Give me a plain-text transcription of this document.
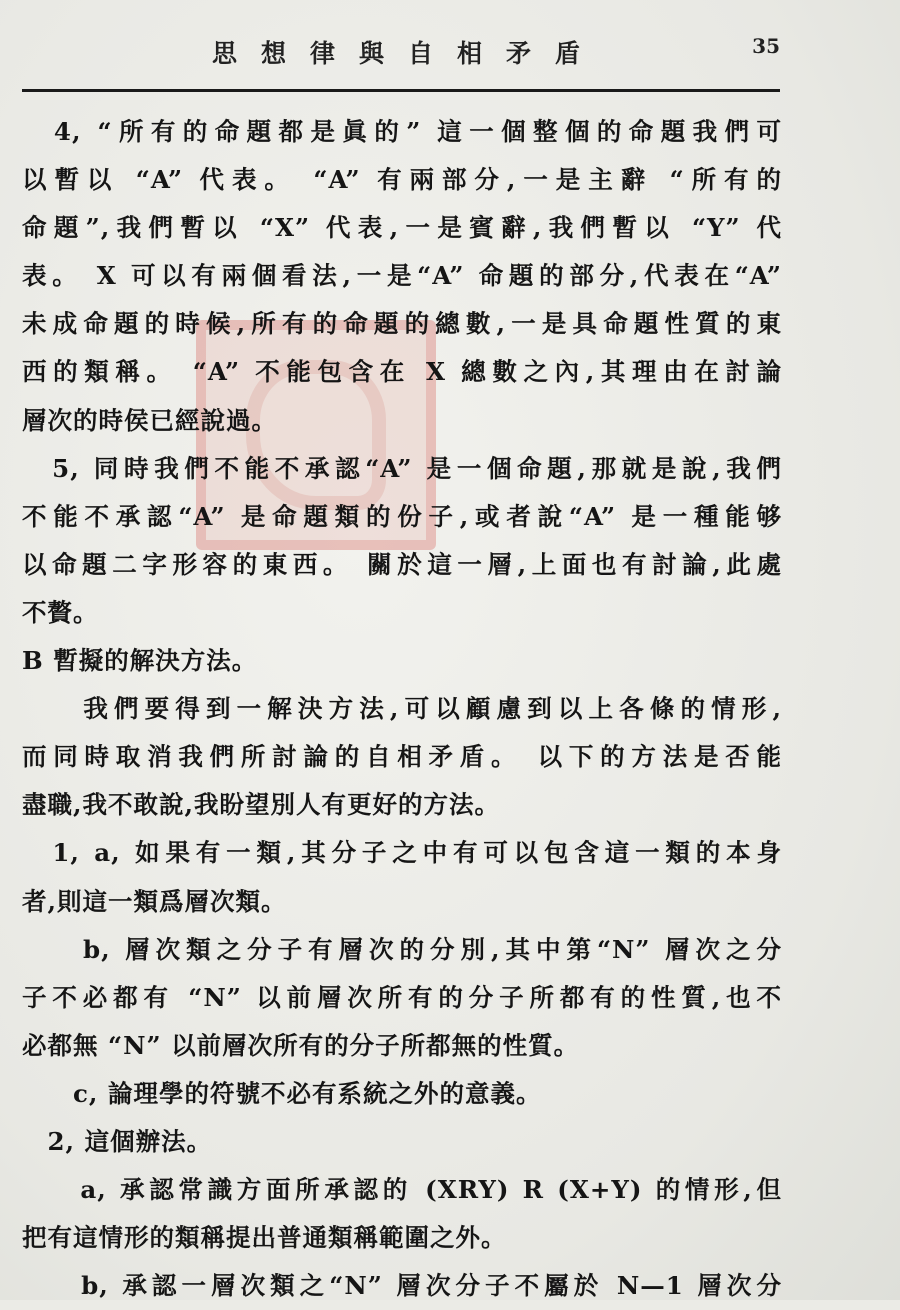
思想律與自相矛盾	35
　4, “所有的命題都是眞的” 這一個整個的命題我們可
以暫以 “A” 代表。 “A” 有兩部分,一是主辭 “所有的
命題”,我們暫以 “X” 代表,一是賓辭,我們暫以 “Y” 代
表。 X 可以有兩個看法,一是“A” 命題的部分,代表在“A”
未成命題的時候,所有的命題的總數,一是具命題性質的東
西的類稱。 “A” 不能包含在 X 總數之內,其理由在討論
層次的時侯已經說過。
　5, 同時我們不能不承認“A” 是一個命題,那就是說,我們
不能不承認“A” 是命題類的份子,或者說“A” 是一種能够
以命題二字形容的東西。 關於這一層,上面也有討論,此處
不贅。
B 暫擬的解決方法。
　　我們要得到一解決方法,可以顧慮到以上各條的情形,
而同時取消我們所討論的自相矛盾。 以下的方法是否能
盡職,我不敢說,我盼望別人有更好的方法。
　1, a, 如果有一類,其分子之中有可以包含這一類的本身
者,則這一類爲層次類。
　　b, 層次類之分子有層次的分別,其中第“N” 層次之分
子不必都有 “N” 以前層次所有的分子所都有的性質,也不
必都無 “N” 以前層次所有的分子所都無的性質。
　　c, 論理學的符號不必有系統之外的意義。
　2, 這個辦法。
　　a, 承認常識方面所承認的 (XRY) R (X+Y) 的情形,但
把有這情形的類稱提出普通類稱範圍之外。
　　b, 承認一層次類之“N” 層次分子不屬於 N—1 層次分
